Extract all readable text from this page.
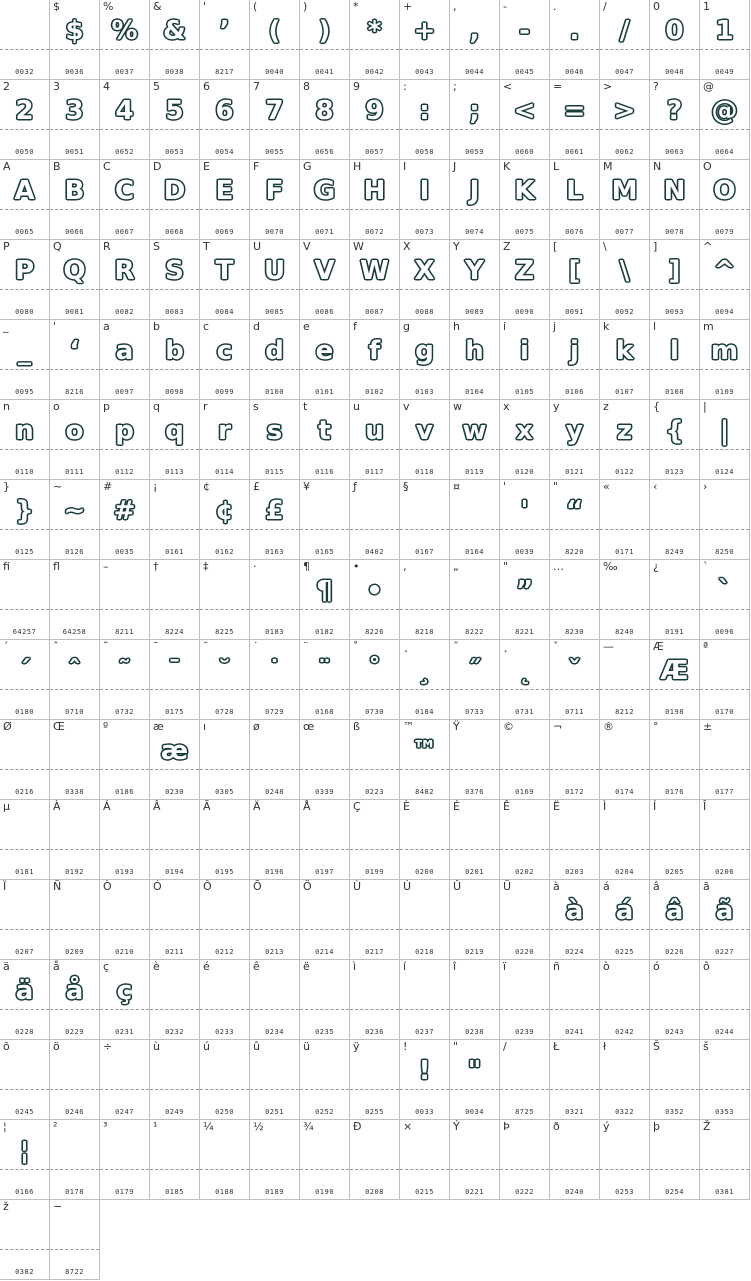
0032
$
$
0036
%
%
0037
&
&
0038
'
’
8217
(
(
0040
)
)
0041
*
*
0042
+
+
0043
,
,
0044
-
-
0045
.
.
0046
/
/
0047
0
0
0048
1
1
0049
2
2
0050
3
3
0051
4
4
0052
5
5
0053
6
6
0054
7
7
0055
8
8
0056
9
9
0057
:
:
0058
;
;
0059
<
<
0060
=
=
0061
>
>
0062
?
?
0063
@
@
0064
A
A
0065
B
B
0066
C
C
0067
D
D
0068
E
E
0069
F
F
0070
G
G
0071
H
H
0072
I
I
0073
J
J
0074
K
K
0075
L
L
0076
M
M
0077
N
N
0078
O
O
0079
P
P
0080
Q
Q
0081
R
R
0082
S
S
0083
T
T
0084
U
U
0085
V
V
0086
W
W
0087
X
X
0088
Y
Y
0089
Z
Z
0090
[
[
0091
\
\
0092
]
]
0093
^
^
0094
_
_
0095
'
‘
8216
a
a
0097
b
b
0098
c
c
0099
d
d
0100
e
e
0101
f
f
0102
g
g
0103
h
h
0104
i
i
0105
j
j
0106
k
k
0107
l
l
0108
m
m
0109
n
n
0110
o
o
0111
p
p
0112
q
q
0113
r
r
0114
s
s
0115
t
t
0116
u
u
0117
v
v
0118
w
w
0119
x
x
0120
y
y
0121
z
z
0122
{
{
0123
|
|
0124
}
}
0125
~
~
0126
#
#
0035
¡
0161
¢
¢
0162
£
£
0163
¥
0165
ƒ
0402
§
0167
¤
0164
'
'
0039
"
“
8220
«
0171
‹
8249
›
8250
ﬁ
64257
ﬂ
64258
–
8211
†
8224
‡
8225
·
0183
¶
¶
0182
•
•
8226
‚
8218
„
8222
"
”
8221
…
8230
‰
8240
¿
0191
`
`
0096
´
´
0180
ˆ
ˆ
0710
˜
˜
0732
¯
¯
0175
˘
˘
0728
˙
˙
0729
¨
¨
0168
˚
˚
0730
¸
¸
0184
˝
˝
0733
˛
˛
0731
ˇ
ˇ
0711
—
8212
Æ
Æ
0198
ª
0170
Ø
0216
Œ
0338
º
0186
æ
æ
0230
ı
0305
ø
0248
œ
0339
ß
0223
™
™
8482
Ÿ
0376
©
0169
¬
0172
®
0174
°
0176
±
0177
µ
0181
À
0192
Á
0193
Â
0194
Ã
0195
Ä
0196
Å
0197
Ç
0199
È
0200
É
0201
Ê
0202
Ë
0203
Ì
0204
Í
0205
Î
0206
Ï
0207
Ñ
0209
Ò
0210
Ó
0211
Ô
0212
Õ
0213
Ö
0214
Ù
0217
Ú
0218
Û
0219
Ü
0220
à
à
0224
á
á
0225
â
â
0226
ã
ã
0227
ä
ä
0228
å
å
0229
ç
ç
0231
è
0232
é
0233
ê
0234
ë
0235
ì
0236
í
0237
î
0238
ï
0239
ñ
0241
ò
0242
ó
0243
ô
0244
õ
0245
ö
0246
÷
0247
ù
0249
ú
0250
û
0251
ü
0252
ÿ
0255
!
!
0033
"
"
0034
/
8725
Ł
0321
ł
0322
Š
0352
š
0353
¦
¦
0166
²
0178
³
0179
¹
0185
¼
0188
½
0189
¾
0190
Ð
0208
×
0215
Ý
0221
Þ
0222
ð
0240
ý
0253
þ
0254
Ž
0381
ž
0382
−
8722
